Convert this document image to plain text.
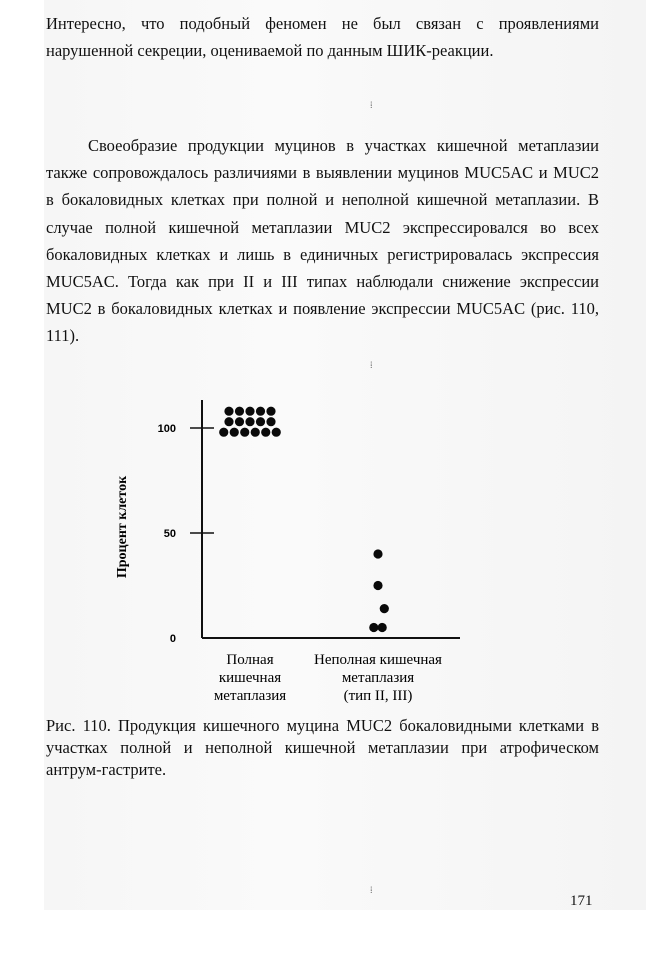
Интересно, что подобный феномен не был связан с проявлениями нарушенной секреции, оцениваемой по данным ШИК-реакции.

⁞

Своеобразие продукции муцинов в участках кишечной метаплазии также сопровождалось различиями в выявлении муцинов MUC5AC и MUC2 в бокаловидных клетках при полной и неполной кишечной метаплазии. В случае полной кишечной метаплазии MUC2 экспрессировался во всех бокаловидных клетках и лишь в единичных регистрировалась экспрессия MUC5AC. Тогда как при II и III типах наблюдали снижение экспрессии MUC2 в бокаловидных клетках и появление экспрессии MUC5AC (рис. 110, 111).

⁞
0
50
100
Процент клеток
Полная
кишечная
метаплазия
Неполная кишечная
метаплазия
(тип II, III)

Рис. 110. Продукция кишечного муцина MUC2 бокаловидными клетками в участках полной и неполной кишечной метаплазии при атрофическом антрум-гастрите.

⁞
171
